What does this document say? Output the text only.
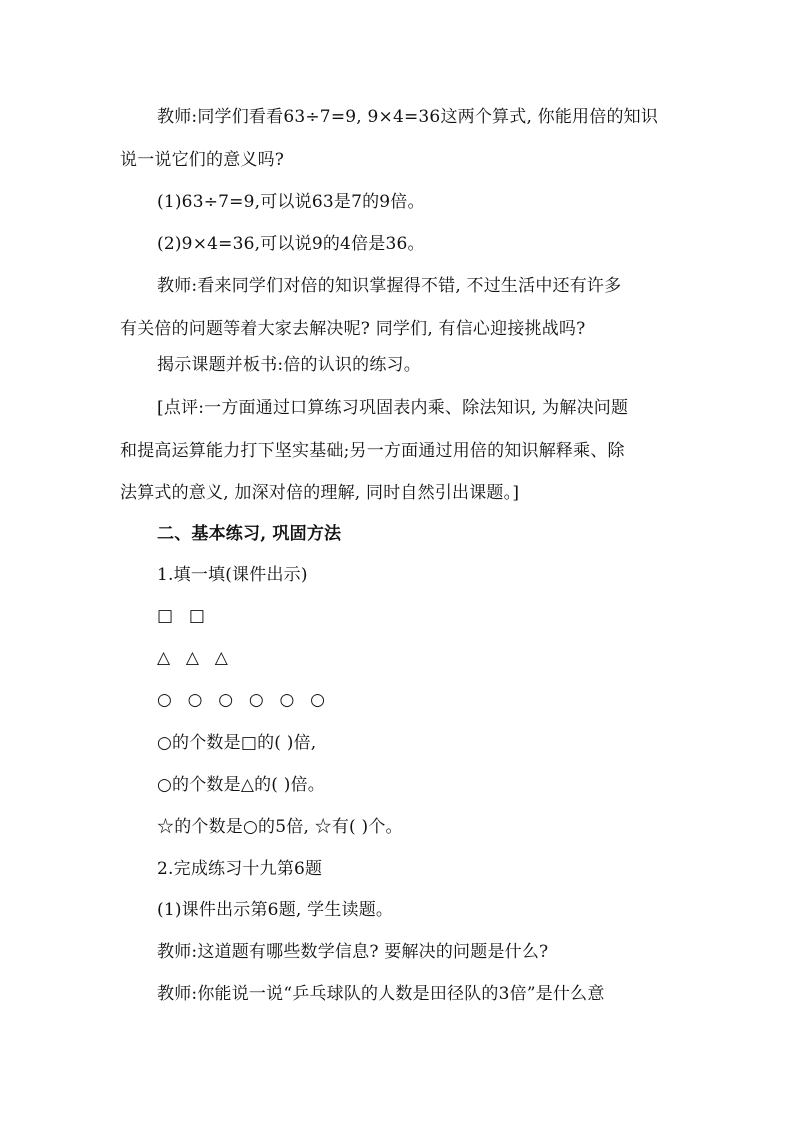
教师:同学们看看63÷7=9, 9×4=36这两个算式, 你能用倍的知识
说一说它们的意义吗?
(1)63÷7=9,可以说63是7的9倍。
(2)9×4=36,可以说9的4倍是36。
教师:看来同学们对倍的知识掌握得不错, 不过生活中还有许多
有关倍的问题等着大家去解决呢? 同学们, 有信心迎接挑战吗?
揭示课题并板书:倍的认识的练习。
[点评:一方面通过口算练习巩固表内乘、除法知识, 为解决问题
和提高运算能力打下坚实基础;另一方面通过用倍的知识解释乘、除
法算式的意义, 加深对倍的理解, 同时自然引出课题。]
二、基本练习, 巩固方法
1.填一填(课件出示)
□ □
△ △ △
○ ○ ○ ○ ○ ○
○的个数是□的( )倍,
○的个数是△的( )倍。
☆的个数是○的5倍, ☆有( )个。
2.完成练习十九第6题
(1)课件出示第6题, 学生读题。
教师:这道题有哪些数学信息? 要解决的问题是什么?
教师:你能说一说“乒乓球队的人数是田径队的3倍”是什么意
